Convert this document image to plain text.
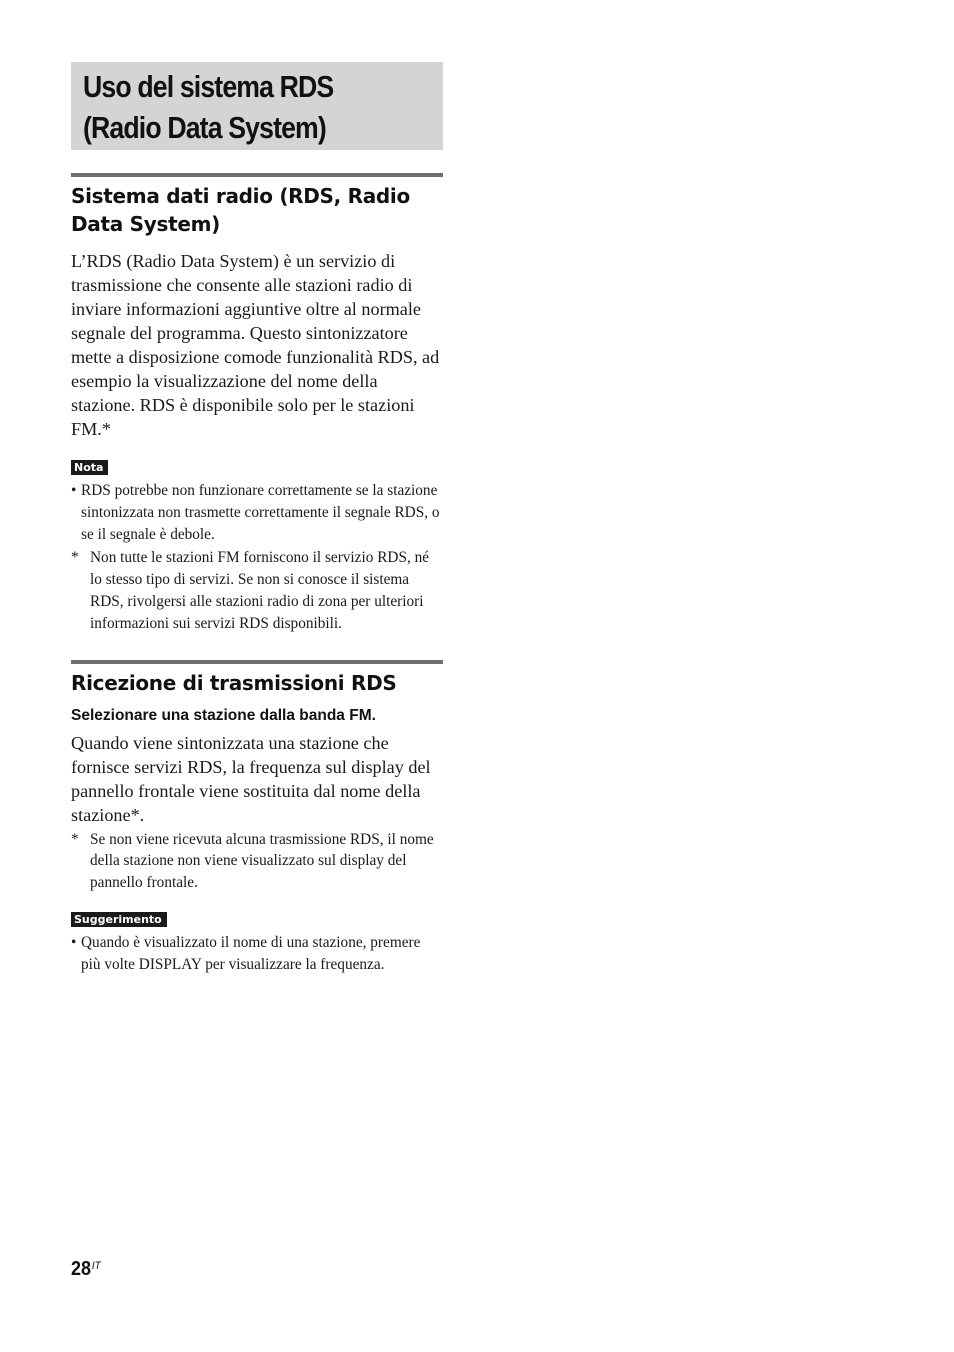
Uso del sistema RDS
(Radio Data System)
Sistema dati radio (RDS, Radio Data System)

L’RDS (Radio Data System) è un servizio di trasmissione che consente alle stazioni radio di inviare informazioni aggiuntive oltre al normale segnale del programma. Questo sintonizzatore mette a disposizione comode funzionalità RDS, ad esempio la visualizzazione del nome della stazione. RDS è disponibile solo per le stazioni FM.*

Nota

• RDS potrebbe non funzionare correttamente se la stazione sintonizzata non trasmette correttamente il segnale RDS, o se il segnale è debole.

* Non tutte le stazioni FM forniscono il servizio RDS, né lo stesso tipo di servizi. Se non si conosce il sistema RDS, rivolgersi alle stazioni radio di zona per ulteriori informazioni sui servizi RDS disponibili.

Ricezione di trasmissioni RDS

Selezionare una stazione dalla banda FM.

Quando viene sintonizzata una stazione che fornisce servizi RDS, la frequenza sul display del pannello frontale viene sostituita dal nome della stazione*.

* Se non viene ricevuta alcuna trasmissione RDS, il nome della stazione non viene visualizzato sul display del pannello frontale.

Suggerimento

• Quando è visualizzato il nome di una stazione, premere più volte DISPLAY per visualizzare la frequenza.

$28^{IT}$
